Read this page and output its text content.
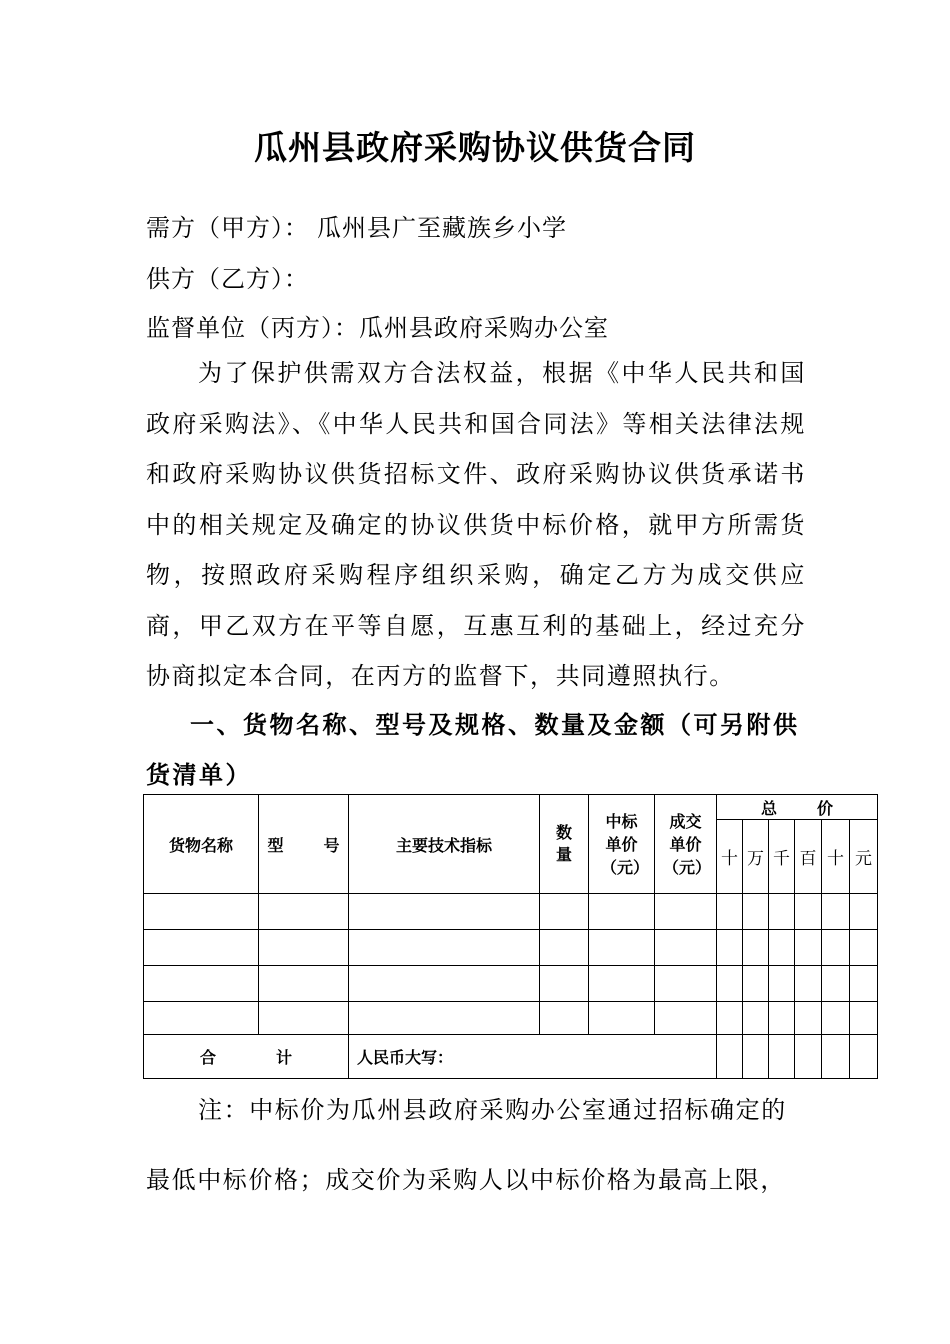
瓜州县政府采购协议供货合同
需方（甲方）： 瓜州县广至藏族乡小学
供方（乙方）：
监督单位（丙方）：瓜州县政府采购办公室
为了保护供需双方合法权益，根据《中华人民共和国政府采购法》、《中华人民共和国合同法》等相关法律法规和政府采购协议供货招标文件、政府采购协议供货承诺书中的相关规定及确定的协议供货中标价格，就甲方所需货物，按照政府采购程序组织采购，确定乙方为成交供应商，甲乙双方在平等自愿，互惠互利的基础上，经过充分协商拟定本合同，在丙方的监督下，共同遵照执行。
一、货物名称、型号及规格、数量及金额（可另附供货清单）
货物名称	型 号	主要技术指标	数量	中标单价（元）	成交单价（元）	总 价					
						十	万	千	百	十	元

合 计		人民币大写：									
注：中标价为瓜州县政府采购办公室通过招标确定的
最低中标价格；成交价为采购人以中标价格为最高上限，
